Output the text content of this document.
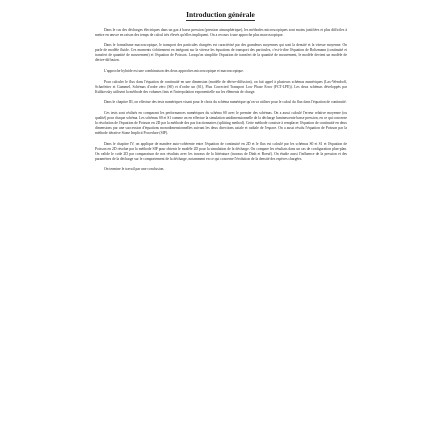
Introduction générale

Dans le cas des décharges électriques dans un gaz à basse pression (pression atmosphérique), les méthodes microscopiques sont moins justifiées et plus difficiles à mettre en œuvre en raison des temps de calcul très élevés qu'elles impliquent. On a recours à une approche plus macroscopique.

Dans le formalisme macroscopique, le transport des particules chargées est caractérisé par des grandeurs moyennes qui sont la densité et la vitesse moyenne. On parle de modèle fluide. Ces moments s'obtiennent en intégrant sur la vitesse les équations de transport des particules, c'est-à-dire l'équation de Boltzmann (continuité et transfert de quantité de mouvement) et l'équation de Poisson. Lorsqu'on simplifie l'équation de transfert de la quantité de mouvement, le modèle devient un modèle de dérive-diffusion.

L'approche hybride est une combinaison des deux approches microscopique et macroscopique.

Pour calculer le flux dans l'équation de continuité en une dimension (modèle de dérive-diffusion), on fait appel à plusieurs schémas numériques (Lax-Wendroff, Scharfetter et Gummel, Schémas d'ordre zéro (S0) et d'ordre un (S1), Flux Corrected Transport Low Phase Error (FCT-LPE)). Les deux schémas développés par Kulikovsky utilisent la méthode des volumes finis et l'interpolation exponentielle sur les éléments de charge.

Dans le chapitre III, on effectue des tests numériques visant pour le choix du schéma numérique qu'on va utiliser pour le calcul du flux dans l'équation de continuité.

Ces tests sont réalisés en comparant les performances numériques du schéma S0 avec le premier des schémas. On a aussi calculé l'erreur relative moyenne (ou qualité) pour chaque schéma. Les schémas S0 et S1 comme on en effectue la simulation unidimensionnelle de la décharge luminescente basse pression, en ce qui concerne la résolution de l'équation de Poisson en 2D par la méthode des pas fractionnaires (splitting method). Cette méthode consiste à remplacer l'équation de continuité en deux dimensions par une succession d'équations monodimensionnelles suivant les deux directions axiale et radiale de l'espace. On a aussi résolu l'équation de Poisson par la méthode itérative Stone Implicit Procedure (SIP).

Dans le chapitre IV, on applique de manière auto-cohérente entre l'équation de continuité en 2D et le flux est calculé par les schémas S0 et S1 et l'équation de Poisson en 2D résolue par la méthode SIP pour obtenir le modèle 2D pour la simulation de la décharge. On compare les résultats dans un cas de configuration plan-plan. On valide le code 2D par comparaison de nos résultats avec les travaux de la littérature (travaux de Dinh et Boeuf). On étudie aussi l'influence de la pression et des paramètres de la décharge sur le comportement de la décharge, notamment en ce qui concerne l'évolution de la densité des espèces chargées.

On termine le travail par une conclusion.
